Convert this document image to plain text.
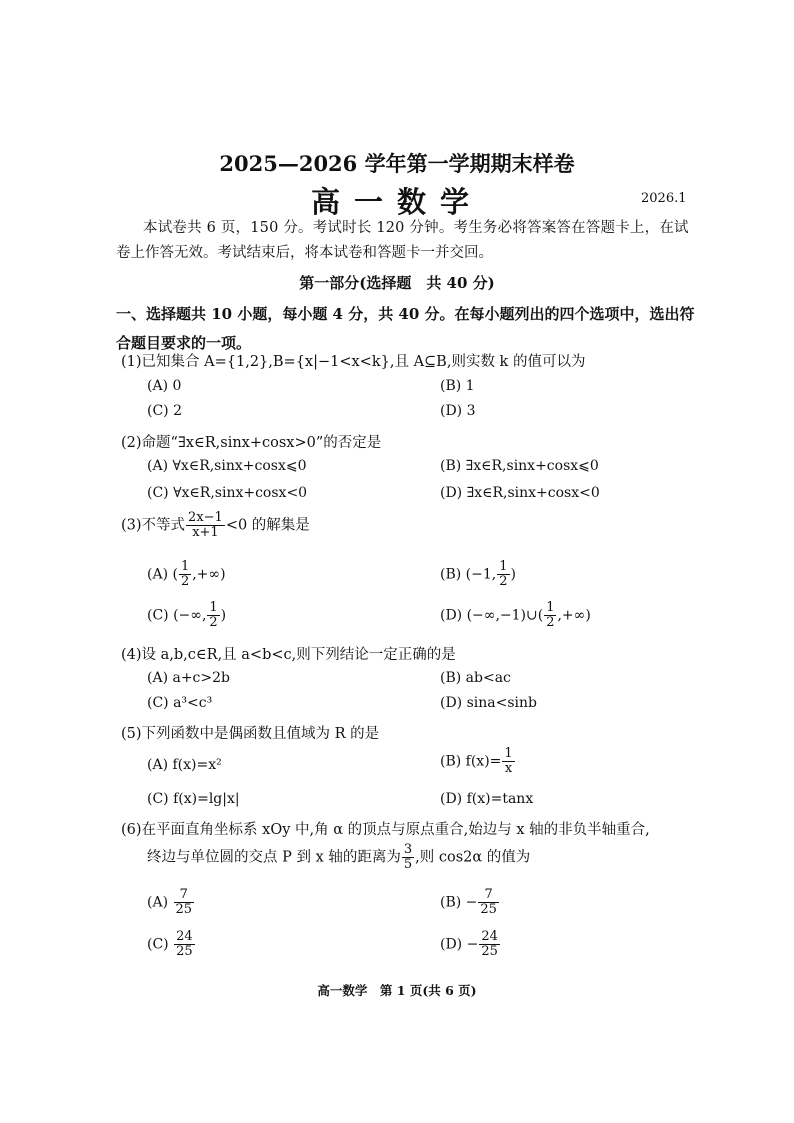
2025—2026 学年第一学期期末样卷
高一数学	2026.1
本试卷共 6 页，150 分。考试时长 120 分钟。考生务必将答案答在答题卡上，在试
卷上作答无效。考试结束后，将本试卷和答题卡一并交回。
第一部分(选择题　共 40 分)
一、选择题共 10 小题，每小题 4 分，共 40 分。在每小题列出的四个选项中，选出符合题目要求的一项。
(1)已知集合 A={1,2},B={x|−1<x<k},且 A⊆B,则实数 k 的值可以为
(A) 0	(B) 1
(C) 2	(D) 3
(2)命题“∃x∈R,sinx+cosx>0”的否定是
(A) ∀x∈R,sinx+cosx⩽0	(B) ∃x∈R,sinx+cosx⩽0
(C) ∀x∈R,sinx+cosx<0	(D) ∃x∈R,sinx+cosx<0
(3)不等式 $\frac{2x-1}{x+1} <0$ 的解集是
(A) ( $\frac{1}{2}$ ,+∞)	(B) (−1, $\frac{1}{2}$ )
(C) (−∞, $\frac{1}{2}$ )	(D) (−∞,−1)∪( $\frac{1}{2}$ ,+∞)
(4)设 a,b,c∈R,且 a<b<c,则下列结论一定正确的是
(A) a+c>2b	(B) ab<ac
(C) a³<c³	(D) sina<sinb
(5)下列函数中是偶函数且值域为 R 的是
(A) f(x)=x²	(B) $f(x)= \frac{1}{x}$
(C) f(x)=lg|x|	(D) f(x)=tanx
(6)在平面直角坐标系 xOy 中,角 α 的顶点与原点重合,始边与 x 轴的非负半轴重合,
终边与单位圆的交点 P 到 x 轴的距离为 $\frac{3}{5}$ ,则 cos2α 的值为
$(A) \frac{7}{25}$	$(B) - \frac{7}{25}$
$(C) \frac{24}{25}$	$(D) - \frac{24}{25}$
高一数学　第 1 页(共 6 页)
